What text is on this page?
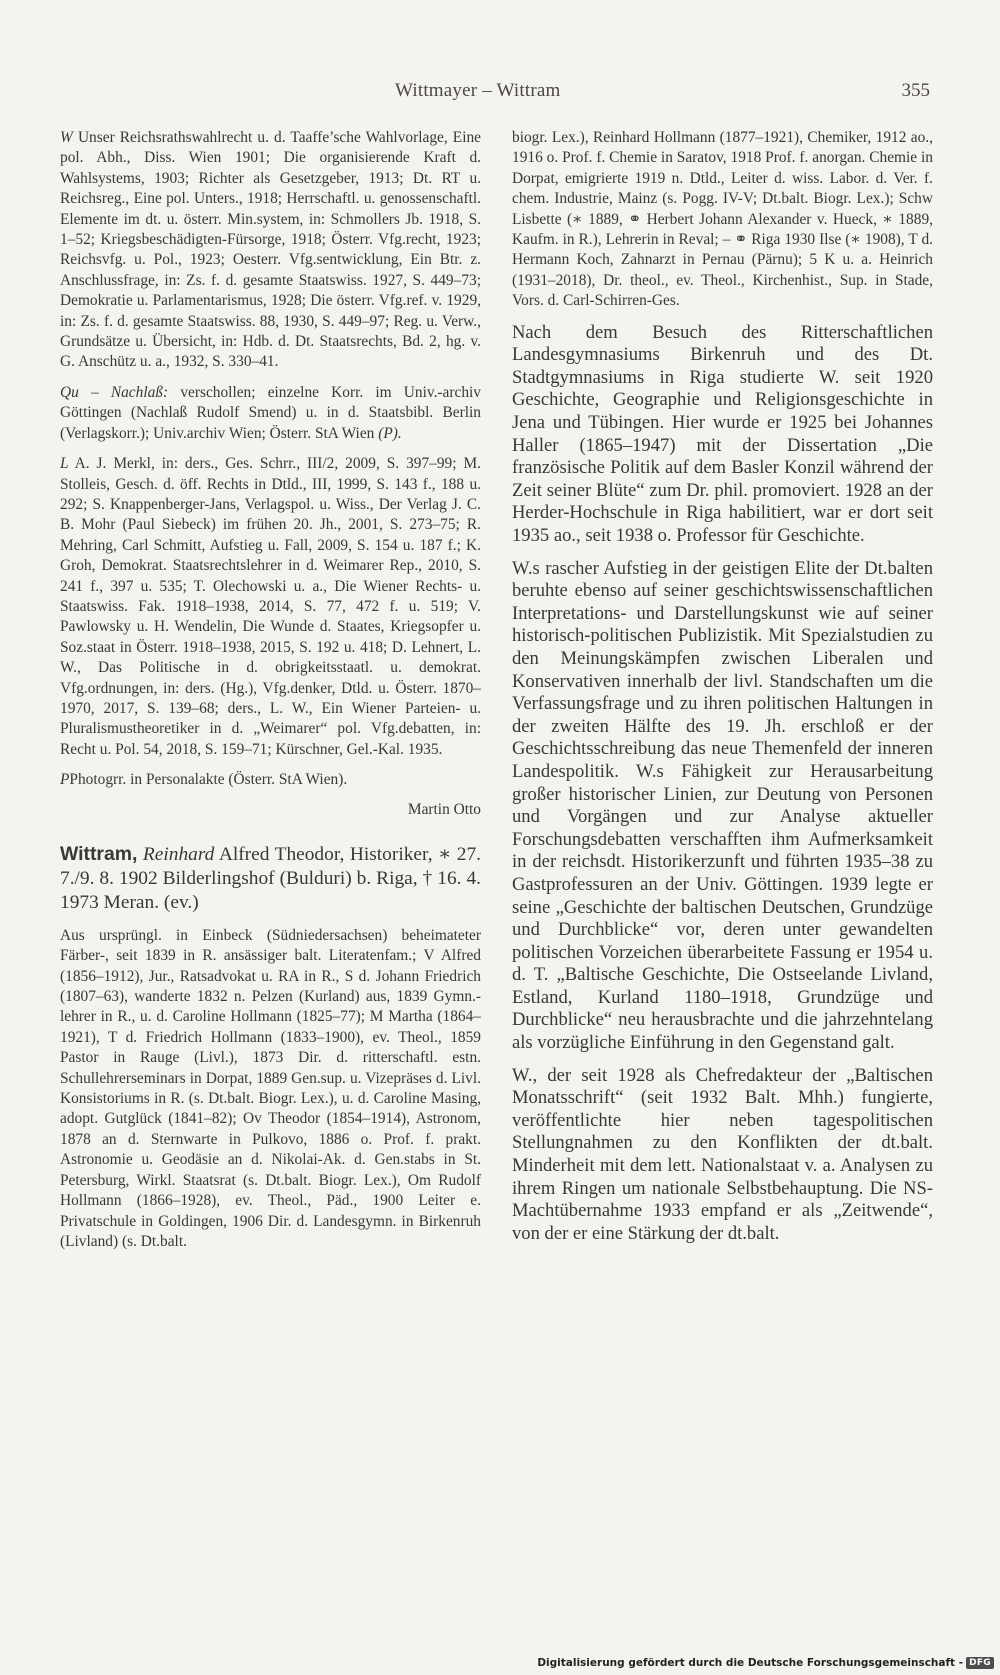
Wittmayer – Wittram	355

W Unser Reichsrathswahlrecht u. d. Taaffe’sche Wahlvorlage, Eine pol. Abh., Diss. Wien 1901; Die organisierende Kraft d. Wahlsystems, 1903; Richter als Gesetzgeber, 1913; Dt. RT u. Reichsreg., Eine pol. Unters., 1918; Herrschaftl. u. genossenschaftl. Elemente im dt. u. österr. Min.system, in: Schmollers Jb. 1918, S. 1–52; Kriegsbeschädigten-Fürsorge, 1918; Österr. Vfg.recht, 1923; Reichsvfg. u. Pol., 1923; Oesterr. Vfg.sentwicklung, Ein Btr. z. Anschlussfrage, in: Zs. f. d. gesamte Staatswiss. 1927, S. 449–73; Demokratie u. Parlamentarismus, 1928; Die österr. Vfg.ref. v. 1929, in: Zs. f. d. gesamte Staatswiss. 88, 1930, S. 449–97; Reg. u. Verw., Grundsätze u. Übersicht, in: Hdb. d. Dt. Staatsrechts, Bd. 2, hg. v. G. Anschütz u. a., 1932, S. 330–41.

Qu – Nachlaß: verschollen; einzelne Korr. im Univ.-archiv Göttingen (Nachlaß Rudolf Smend) u. in d. Staatsbibl. Berlin (Verlagskorr.); Univ.archiv Wien; Österr. StA Wien (P).

L A. J. Merkl, in: ders., Ges. Schrr., III/2, 2009, S. 397–99; M. Stolleis, Gesch. d. öff. Rechts in Dtld., III, 1999, S. 143 f., 188 u. 292; S. Knappenberger-Jans, Verlagspol. u. Wiss., Der Verlag J. C. B. Mohr (Paul Siebeck) im frühen 20. Jh., 2001, S. 273–75; R. Mehring, Carl Schmitt, Aufstieg u. Fall, 2009, S. 154 u. 187 f.; K. Groh, Demokrat. Staatsrechtslehrer in d. Weimarer Rep., 2010, S. 241 f., 397 u. 535; T. Olechowski u. a., Die Wiener Rechts- u. Staatswiss. Fak. 1918–1938, 2014, S. 77, 472 f. u. 519; V. Pawlowsky u. H. Wendelin, Die Wunde d. Staates, Kriegsopfer u. Soz.staat in Österr. 1918–1938, 2015, S. 192 u. 418; D. Lehnert, L. W., Das Politische in d. obrigkeitsstaatl. u. demokrat. Vfg.ordnungen, in: ders. (Hg.), Vfg.denker, Dtld. u. Österr. 1870–1970, 2017, S. 139–68; ders., L. W., Ein Wiener Parteien- u. Pluralismustheoretiker in d. „Weimarer“ pol. Vfg.debatten, in: Recht u. Pol. 54, 2018, S. 159–71; Kürschner, Gel.-Kal. 1935.

PPhotogrr. in Personalakte (Österr. StA Wien).

Martin Otto

Wittram, Reinhard Alfred Theodor, Historiker, ∗ 27. 7./9. 8. 1902 Bilderlingshof (Bulduri) b. Riga, † 16. 4. 1973 Meran. (ev.)

Aus ursprüngl. in Einbeck (Südniedersachsen) beheimateter Färber-, seit 1839 in R. ansässiger balt. Literatenfam.; V Alfred (1856–1912), Jur., Ratsadvokat u. RA in R., S d. Johann Friedrich (1807–63), wanderte 1832 n. Pelzen (Kurland) aus, 1839 Gymn.-lehrer in R., u. d. Caroline Hollmann (1825–77); M Martha (1864–1921), T d. Friedrich Hollmann (1833–1900), ev. Theol., 1859 Pastor in Rauge (Livl.), 1873 Dir. d. ritterschaftl. estn. Schullehrerseminars in Dorpat, 1889 Gen.sup. u. Vizepräses d. Livl. Konsistoriums in R. (s. Dt.balt. Biogr. Lex.), u. d. Caroline Masing, adopt. Gutglück (1841–82); Ov Theodor (1854–1914), Astronom, 1878 an d. Sternwarte in Pulkovo, 1886 o. Prof. f. prakt. Astronomie u. Geodäsie an d. Nikolai-Ak. d. Gen.stabs in St. Petersburg, Wirkl. Staatsrat (s. Dt.balt. Biogr. Lex.), Om Rudolf Hollmann (1866–1928), ev. Theol., Päd., 1900 Leiter e. Privatschule in Goldingen, 1906 Dir. d. Landesgymn. in Birkenruh (Livland) (s. Dt.balt.

biogr. Lex.), Reinhard Hollmann (1877–1921), Chemiker, 1912 ao., 1916 o. Prof. f. Chemie in Saratov, 1918 Prof. f. anorgan. Chemie in Dorpat, emigrierte 1919 n. Dtld., Leiter d. wiss. Labor. d. Ver. f. chem. Industrie, Mainz (s. Pogg. IV-V; Dt.balt. Biogr. Lex.); Schw Lisbette (∗ 1889, ⚭ Herbert Johann Alexander v. Hueck, ∗ 1889, Kaufm. in R.), Lehrerin in Reval; – ⚭ Riga 1930 Ilse (∗ 1908), T d. Hermann Koch, Zahnarzt in Pernau (Pärnu); 5 K u. a. Heinrich (1931–2018), Dr. theol., ev. Theol., Kirchenhist., Sup. in Stade, Vors. d. Carl-Schirren-Ges.

Nach dem Besuch des Ritterschaftlichen Landesgymnasiums Birkenruh und des Dt. Stadtgymnasiums in Riga studierte W. seit 1920 Geschichte, Geographie und Religionsgeschichte in Jena und Tübingen. Hier wurde er 1925 bei Johannes Haller (1865–1947) mit der Dissertation „Die französische Politik auf dem Basler Konzil während der Zeit seiner Blüte“ zum Dr. phil. promoviert. 1928 an der Herder-Hochschule in Riga habilitiert, war er dort seit 1935 ao., seit 1938 o. Professor für Geschichte.

W.s rascher Aufstieg in der geistigen Elite der Dt.balten beruhte ebenso auf seiner geschichtswissenschaftlichen Interpretations- und Darstellungskunst wie auf seiner historisch-politischen Publizistik. Mit Spezialstudien zu den Meinungskämpfen zwischen Liberalen und Konservativen innerhalb der livl. Standschaften um die Verfassungsfrage und zu ihren politischen Haltungen in der zweiten Hälfte des 19. Jh. erschloß er der Geschichtsschreibung das neue Themenfeld der inneren Landespolitik. W.s Fähigkeit zur Herausarbeitung großer historischer Linien, zur Deutung von Personen und Vorgängen und zur Analyse aktueller Forschungsdebatten verschafften ihm Aufmerksamkeit in der reichsdt. Historikerzunft und führten 1935–38 zu Gastprofessuren an der Univ. Göttingen. 1939 legte er seine „Geschichte der baltischen Deutschen, Grundzüge und Durchblicke“ vor, deren unter gewandelten politischen Vorzeichen überarbeitete Fassung er 1954 u. d. T. „Baltische Geschichte, Die Ostseelande Livland, Estland, Kurland 1180–1918, Grundzüge und Durchblicke“ neu herausbrachte und die jahrzehntelang als vorzügliche Einführung in den Gegenstand galt.

W., der seit 1928 als Chefredakteur der „Baltischen Monatsschrift“ (seit 1932 Balt. Mhh.) fungierte, veröffentlichte hier neben tagespolitischen Stellungnahmen zu den Konflikten der dt.balt. Minderheit mit dem lett. Nationalstaat v. a. Analysen zu ihrem Ringen um nationale Selbstbehauptung. Die NS-Machtübernahme 1933 empfand er als „Zeitwende“, von der er eine Stärkung der dt.balt.

Digitalisierung gefördert durch die Deutsche Forschungsgemeinschaft - DFG
